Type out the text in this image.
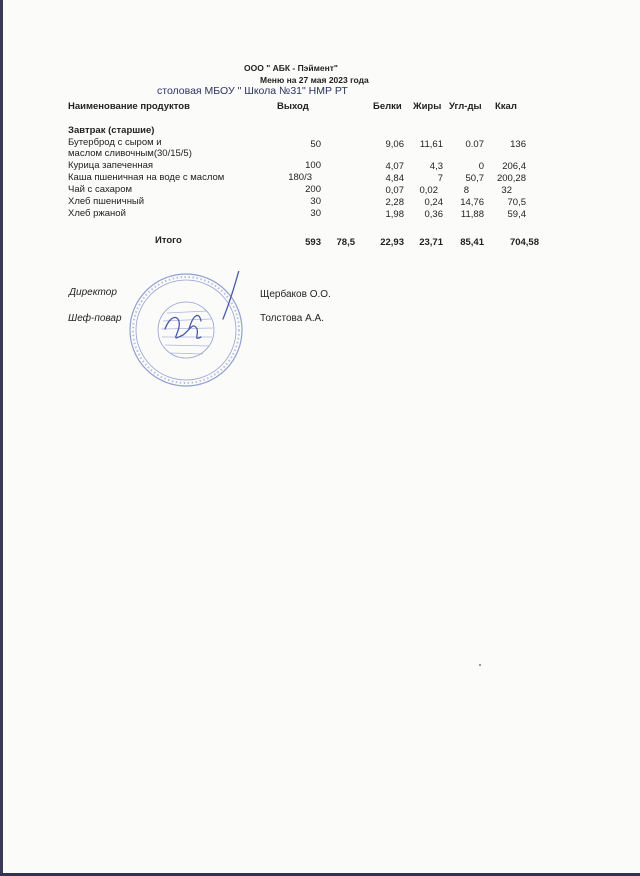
ООО " АБК - Пэймент"
Меню на 27 мая 2023 года
столовая МБОУ " Школа №31" НМР РТ
Наименование продуктов	Выход	Белки Жиры Угл-ды Ккал
Завтрак (старшие)
Бутерброд с сыром и
маслом сливочным(30/15/5)
50	9,06	11,61	0.07	136
Курица запеченная	100	4,07	4,3	0	206,4
Каша пшеничная на воде с маслом	180/3	4,84	7	50,7	200,28
Чай с сахаром	200	0,07	0,02	8	32
Хлеб пшеничный	30	2,28	0,24	14,76	70,5
Хлеб ржаной	30	1,98	0,36	11,88	59,4
Итого	593	78,5	22,93	23,71	85,41	704,58
Директор	Щербаков О.О.
Шеф-повар	Толстова А.А.
